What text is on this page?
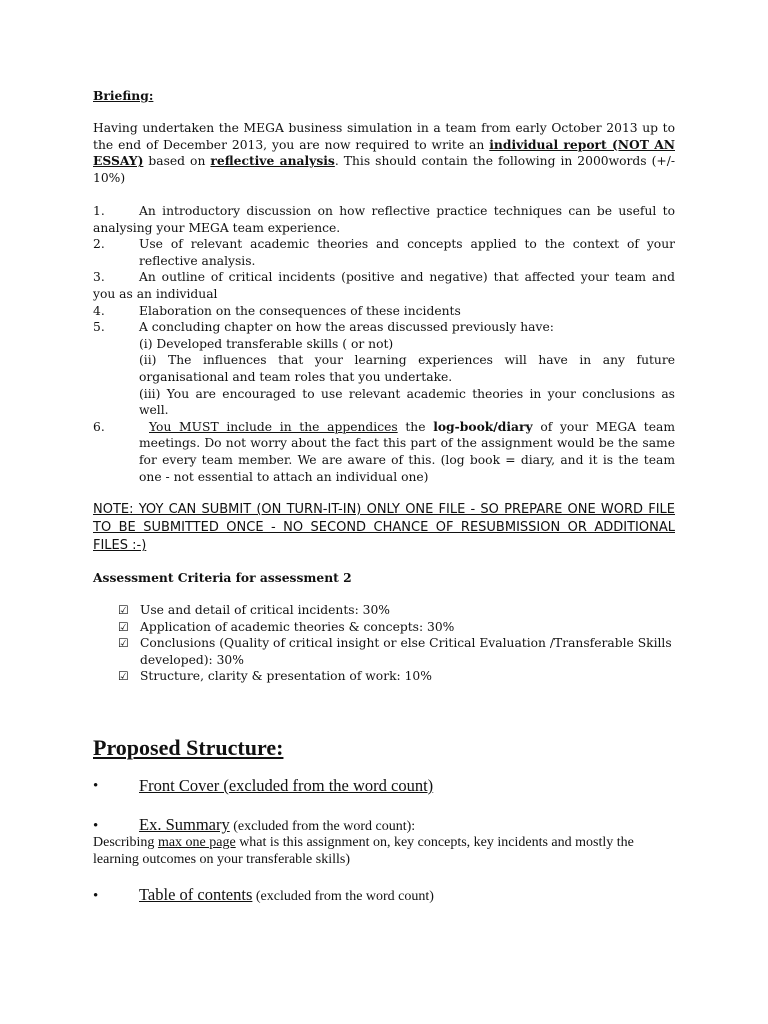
Briefing:
Having undertaken the MEGA business simulation in a team from early October 2013 up to the end of December 2013, you are now required to write an individual report (NOT AN ESSAY) based on reflective analysis. This should contain the following in 2000words (+/- 10%)
1.	An introductory discussion on how reflective practice techniques can be useful to analysing your MEGA team experience.
2.	Use of relevant academic theories and concepts applied to the context of your reflective analysis.
3.	An outline of critical incidents (positive and negative) that affected your team and you as an individual
4.	Elaboration on the consequences of these incidents
5.	A concluding chapter on how the areas discussed previously have:
(i) Developed transferable skills ( or not)
(ii) The influences that your learning experiences will have in any future organisational and team roles that you undertake.
(iii) You are encouraged to use relevant academic theories in your conclusions as well.
6.	You MUST include in the appendices the log-book/diary of your MEGA team meetings. Do not worry about the fact this part of the assignment would be the same for every team member. We are aware of this. (log book = diary, and it is the team one - not essential to attach an individual one)
NOTE: YOY CAN SUBMIT (ON TURN-IT-IN) ONLY ONE FILE - SO PREPARE ONE WORD FILE TO BE SUBMITTED ONCE - NO SECOND CHANCE OF RESUBMISSION OR ADDITIONAL FILES :-)
Assessment Criteria for assessment 2
☑ Use and detail of critical incidents: 30%
☑ Application of academic theories & concepts: 30%
☑ Conclusions (Quality of critical insight or else Critical Evaluation /Transferable Skills developed): 30%
☑ Structure, clarity & presentation of work: 10%
Proposed Structure:
• Front Cover (excluded from the word count)
• Ex. Summary (excluded from the word count):
Describing max one page what is this assignment on, key concepts, key incidents and mostly the learning outcomes on your transferable skills)
• Table of contents (excluded from the word count)
